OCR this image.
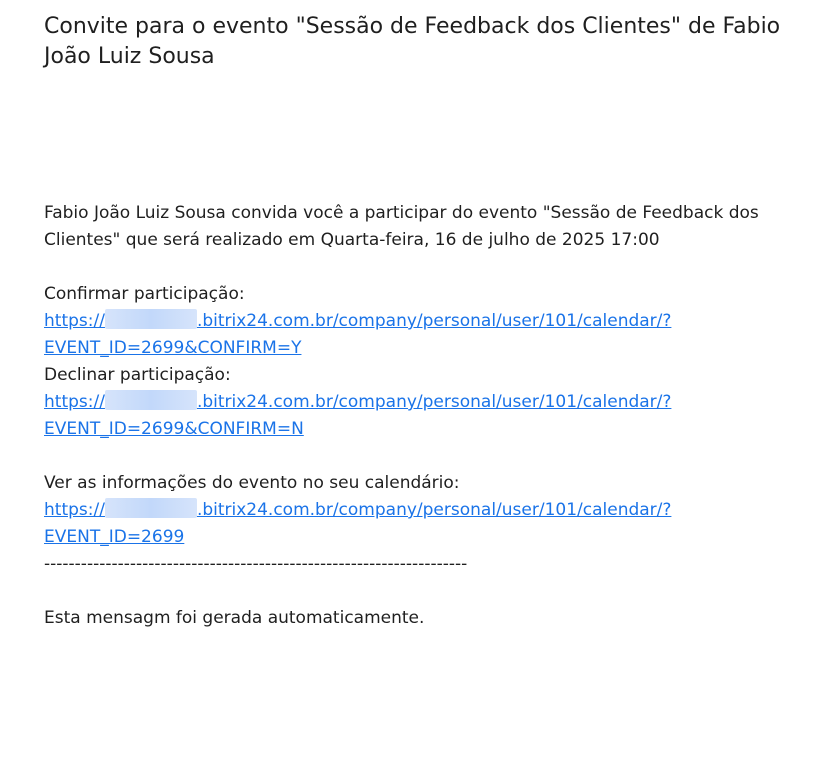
Convite para o evento "Sessão de Feedback dos Clientes" de Fabio João Luiz Sousa

Fabio João Luiz Sousa convida você a participar do evento "Sessão de Feedback dos Clientes" que será realizado em Quarta-feira, 16 de julho de 2025 17:00

Confirmar participação:
https://	.bitrix24.com.br/company/personal/user/101/calendar/?
EVENT_ID=2699&CONFIRM=Y
Declinar participação:
https://	.bitrix24.com.br/company/personal/user/101/calendar/?
EVENT_ID=2699&CONFIRM=N
Ver as informações do evento no seu calendário:
https://	.bitrix24.com.br/company/personal/user/101/calendar/?
EVENT_ID=2699
---------------------------------------------------------------------
Esta mensagm foi gerada automaticamente.
